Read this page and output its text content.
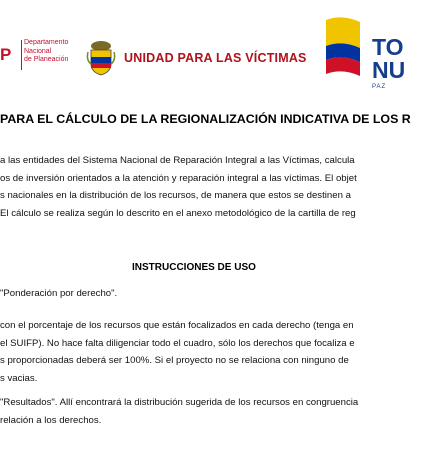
P
Departamento
Nacional
de Planeación	UNIDAD PARA LAS VÍCTIMAS	TO
NU
PAZ
PARA EL CÁLCULO DE LA REGIONALIZACIÓN INDICATIVA DE LOS R
a las entidades del Sistema Nacional de Reparación Integral a las Víctimas, calcula
os de inversión orientados a la atención y reparación integral a las víctimas. El objet
s nacionales en la distribución de los recursos, de manera que estos se destinen a
El cálculo se realiza según lo descrito en el anexo metodológico de la cartilla de reg
INSTRUCCIONES DE USO
"Ponderación por derecho".
con el porcentaje de los recursos que están focalizados en cada derecho (tenga en
el SUIFP). No hace falta diligenciar todo el cuadro, sólo los derechos que focaliza e
s proporcionadas deberá ser 100%. Si el proyecto no se relaciona con ninguno de
s vacias.
"Resultados". Allí encontrará la distribución sugerida de los recursos en congruencia
relación a los derechos.
